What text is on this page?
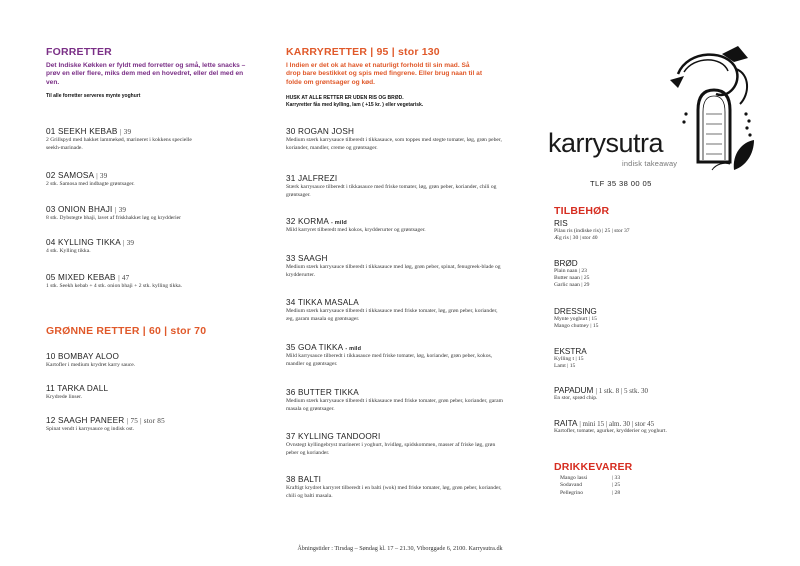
FORRETTER
Det Indiske Køkken er fyldt med forretter og små, lette snacks – prøv en eller flere, miks dem med en hovedret, eller del med en ven.
Til alle forretter serveres mynte yoghurt
01 SEEKH KEBAB | 39
2 Grillspyd med hakket lammekød, marineret i kokkens specielle seekh-marinade.
02 SAMOSA | 39
2 stk. Samosa med indbagte grøntsager.
03 ONION BHAJI | 39
8 stk. Dybstegte bhaji, lavet af friskhakket løg og krydderier
04 KYLLING TIKKA | 39
4 stk. Kylling tikka.
05 MIXED KEBAB | 47
1 stk. Seekh kebab + 4 stk. onion bhaji + 2 stk. kylling tikka.
GRØNNE RETTER | 60 | stor 70
10 BOMBAY ALOO
Kartofler i medium krydret karry sauce.
11 TARKA DALL
Krydrede linser.
12 SAAGH PANEER | 75 | stor 85
Spinat vendt i karrysauce og indisk ost.
KARRYRETTER | 95 | stor 130
I Indien er det ok at have et naturligt forhold til sin mad. Så drop bare bestikket og spis med fingrene. Eller brug naan til at folde om grøntsager og kød.
HUSK AT ALLE RETTER ER UDEN RIS OG BRØD.
Karryretter fås med kylling, lam ( +15 kr. ) eller vegetarisk.
30 ROGAN JOSH
Medium stærk karrysauce tilberedt i tikkasauce, som toppes med stegte tomater, løg, grøn peber, koriander, mandler, creme og grøntsager.
31 JALFREZI
Stærk karrysauce tilberedt i tikkasauce med friske tomater, løg, grøn peber, koriander, chili og grøntsager.
32 KORMA - mild
Mild karryret tilberedt med kokos, krydderurter og grøntsager.
33 SAAGH
Medium stærk karrysauce tilberedt i tikkasauce med løg, grøn peber, spinat, fenugreek-blade og krydderurter.
34 TIKKA MASALA
Medium stærk karrysauce tilberedt i tikkasauce med friske tomater, løg, grøn peber, koriander, æg, garam masala og grøntsager.
35 GOA TIKKA - mild
Mild karrysauce tilberedt i tikkasauce med friske tomater, løg, koriander, grøn peber, kokos, mandler og grøntsager.
36 BUTTER TIKKA
Medium stærk karrysauce tilberedt i tikkasauce med friske tomater, grøn peber, koriander, garam masala og grøntsager.
37 KYLLING TANDOORI
Ovnstegt kyllingebryst marineret i yoghurt, hvidløg, spidskommen, masser af friske løg, grøn peber og koriander.
38 BALTI
Kraftigt krydret karryret tilberedt i en balti (wok) med friske tomater, løg, grøn peber, koriander, chili og balti masala.
karrysutra
indisk takeaway
TLF 35 38 00 05
TILBEHØR
RIS
Pilau ris (indiske ris) | 25 | stor 37
Æg ris | 30 | stor 40
BRØD
Plain naan | 23
Butter naan | 25
Garlic naan | 29
DRESSING
Mynte yoghurt | 15
Mango chutney | 15
EKSTRA
Kylling t | 15
Lamt | 15
PAPADUM | 1 stk. 8 | 5 stk. 30
En stor, sprød chip.
RAITA | mini 15 | alm. 30 | stor 45
Kartofler, tomater, agurker, krydderier og yoghurt.
DRIKKEVARER
Mango lassi	| 33
Sodavand	| 25
Pellegrino	| 28
Åbningstider : Tirsdag – Søndag kl. 17 – 21.30, Viborggade 6, 2100. Karrysutra.dk
